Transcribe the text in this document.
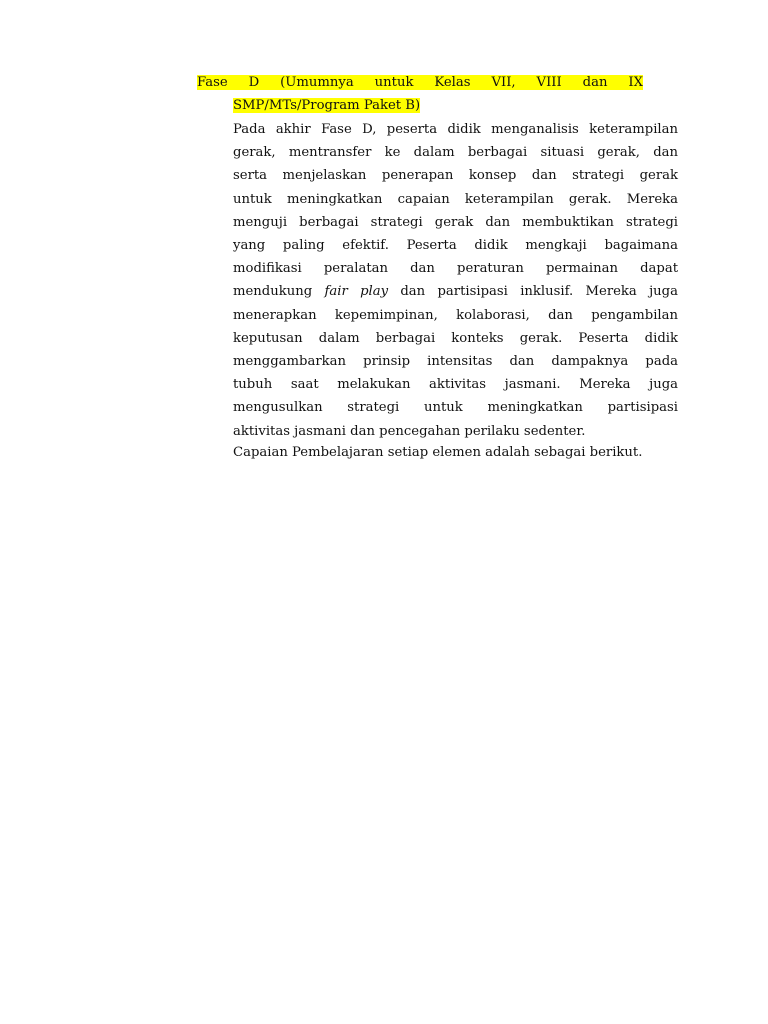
Fase D (Umumnya untuk Kelas VII, VIII dan IX
SMP/MTs/Program Paket B)

Pada akhir Fase D, peserta didik menganalisis keterampilan
gerak, mentransfer ke dalam berbagai situasi gerak, dan
serta menjelaskan penerapan konsep dan strategi gerak
untuk meningkatkan capaian keterampilan gerak. Mereka
menguji berbagai strategi gerak dan membuktikan strategi
yang paling efektif. Peserta didik mengkaji bagaimana
modifikasi peralatan dan peraturan permainan dapat
mendukung fair play dan partisipasi inklusif. Mereka juga
menerapkan kepemimpinan, kolaborasi, dan pengambilan
keputusan dalam berbagai konteks gerak. Peserta didik
menggambarkan prinsip intensitas dan dampaknya pada
tubuh saat melakukan aktivitas jasmani. Mereka juga
mengusulkan strategi untuk meningkatkan partisipasi
aktivitas jasmani dan pencegahan perilaku sedenter.

Capaian Pembelajaran setiap elemen adalah sebagai berikut.
